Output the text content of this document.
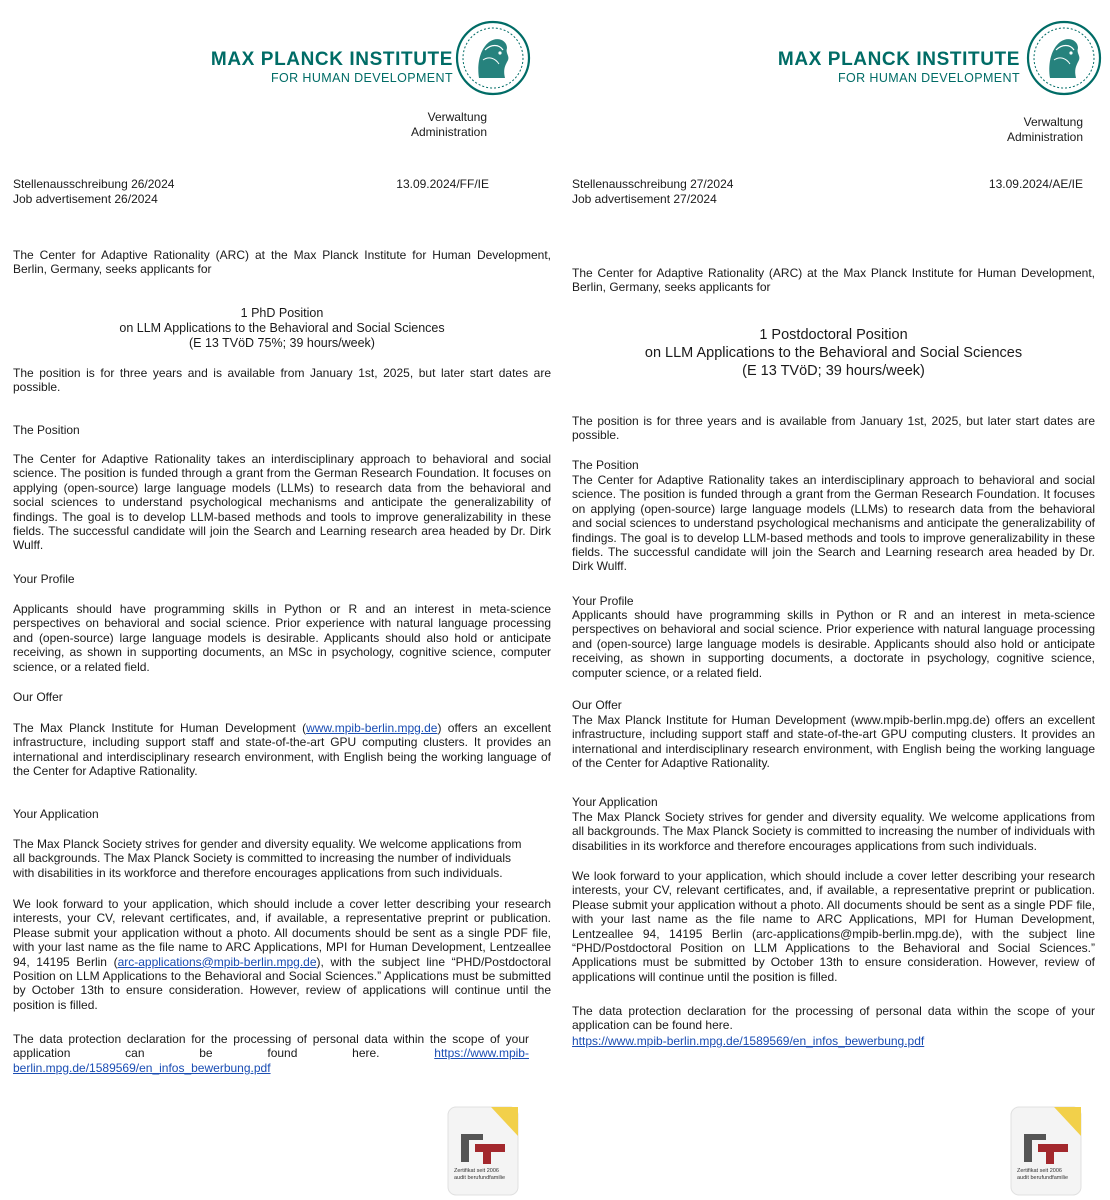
MAX PLANCK INSTITUTE
FOR HUMAN DEVELOPMENT
Verwaltung
Administration
Stellenausschreibung 26/2024
Job advertisement 26/2024
13.09.2024/FF/IE

The Center for Adaptive Rationality (ARC) at the Max Planck Institute for Human Development, Berlin, Germany, seeks applicants for

1 PhD Position
on LLM Applications to the Behavioral and Social Sciences
(E 13 TVöD 75%; 39 hours/week)

The position is for three years and is available from January 1st, 2025, but later start dates are possible.

The Position

The Center for Adaptive Rationality takes an interdisciplinary approach to behavioral and social science. The position is funded through a grant from the German Research Foundation. It focuses on applying (open-source) large language models (LLMs) to research data from the behavioral and social sciences to understand psychological mechanisms and anticipate the generalizability of findings. The goal is to develop LLM-based methods and tools to improve generalizability in these fields. The successful candidate will join the Search and Learning research area headed by Dr. Dirk Wulff.

Your Profile

Applicants should have programming skills in Python or R and an interest in meta-science perspectives on behavioral and social science. Prior experience with natural language processing and (open-source) large language models is desirable. Applicants should also hold or anticipate receiving, as shown in supporting documents, an MSc in psychology, cognitive science, computer science, or a related field.

Our Offer

The Max Planck Institute for Human Development (www.mpib-berlin.mpg.de) offers an excellent infrastructure, including support staff and state-of-the-art GPU computing clusters. It provides an international and interdisciplinary research environment, with English being the working language of the Center for Adaptive Rationality.

Your Application

The Max Planck Society strives for gender and diversity equality. We welcome applications from all backgrounds. The Max Planck Society is committed to increasing the number of individuals with disabilities in its workforce and therefore encourages applications from such individuals.

We look forward to your application, which should include a cover letter describing your research interests, your CV, relevant certificates, and, if available, a representative preprint or publication. Please submit your application without a photo. All documents should be sent as a single PDF file, with your last name as the file name to ARC Applications, MPI for Human Development, Lentzeallee 94, 14195 Berlin (arc-applications@mpib-berlin.mpg.de), with the subject line “PHD/Postdoctoral Position on LLM Applications to the Behavioral and Social Sciences.” Applications must be submitted by October 13th to ensure consideration. However, review of applications will continue until the position is filled.

The data protection declaration for the processing of personal data within the scope of your application can be found here.	https://www.mpib-berlin.mpg.de/1589569/en_infos_bewerbung.pdf

Zertifikat seit 2006
audit berufundfamilie
MAX PLANCK INSTITUTE
FOR HUMAN DEVELOPMENT
Verwaltung
Administration
Stellenausschreibung 27/2024
Job advertisement 27/2024
13.09.2024/AE/IE

The Center for Adaptive Rationality (ARC) at the Max Planck Institute for Human Development, Berlin, Germany, seeks applicants for

1 Postdoctoral Position
on LLM Applications to the Behavioral and Social Sciences
(E 13 TVöD; 39 hours/week)

The position is for three years and is available from January 1st, 2025, but later start dates are possible.

The Position

The Center for Adaptive Rationality takes an interdisciplinary approach to behavioral and social science. The position is funded through a grant from the German Research Foundation. It focuses on applying (open-source) large language models (LLMs) to research data from the behavioral and social sciences to understand psychological mechanisms and anticipate the generalizability of findings. The goal is to develop LLM-based methods and tools to improve generalizability in these fields. The successful candidate will join the Search and Learning research area headed by Dr. Dirk Wulff.

Your Profile

Applicants should have programming skills in Python or R and an interest in meta-science perspectives on behavioral and social science. Prior experience with natural language processing and (open-source) large language models is desirable. Applicants should also hold or anticipate receiving, as shown in supporting documents, a doctorate in psychology, cognitive science, computer science, or a related field.

Our Offer

The Max Planck Institute for Human Development (www.mpib-berlin.mpg.de) offers an excellent infrastructure, including support staff and state-of-the-art GPU computing clusters. It provides an international and interdisciplinary research environment, with English being the working language of the Center for Adaptive Rationality.

Your Application

The Max Planck Society strives for gender and diversity equality. We welcome applications from all backgrounds. The Max Planck Society is committed to increasing the number of individuals with disabilities in its workforce and therefore encourages applications from such individuals.

We look forward to your application, which should include a cover letter describing your research interests, your CV, relevant certificates, and, if available, a representative preprint or publication. Please submit your application without a photo. All documents should be sent as a single PDF file, with your last name as the file name to ARC Applications, MPI for Human Development, Lentzeallee 94, 14195 Berlin (arc-applications@mpib-berlin.mpg.de), with the subject line “PHD/Postdoctoral Position on LLM Applications to the Behavioral and Social Sciences.” Applications must be submitted by October 13th to ensure consideration. However, review of applications will continue until the position is filled.

The data protection declaration for the processing of personal data within the scope of your application can be found here.

https://www.mpib-berlin.mpg.de/1589569/en_infos_bewerbung.pdf

Zertifikat seit 2006
audit berufundfamilie
